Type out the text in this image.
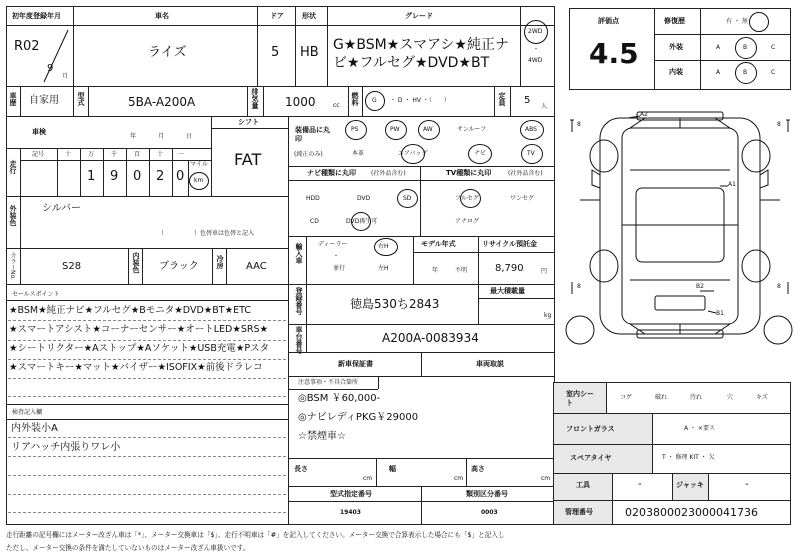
初年度登録年月
R02
9
月
車名
ライズ
ドア
5
形状
HB
グレード
G★BSM★スマアシ★純正ナ
ビ★フルセグ★DVD★BT
2WD
・
4WD
車歴 自家用	型式	5BA-A200A	排気量 1000	cc 燃料 G ・ D ・ HV ・（　　）	定員 5
人
車検
年	月	日
シフト
FAT
走行
記号	十	万	千	百	十 一
1 9 0 2 0
マイル
km
外装色	シルバー
（　　　　　）色替車は色替と記入
カラーNo.	S28	内装色 ブラック 冷房 AAC
セールスポイント
★BSM★純正ナビ★フルセグ★Bモニタ★DVD★BT★ETC
★スマートアシスト★コーナーセンサー★オートLED★SRS★
★シートリクター★Aストップ★Aソケット★USB充電★Pスタ
★スマートキー★マット★バイザー★ISOFIX★前後ドラレコ
検査記入欄
内外装小A
リアハッチ内張りワレ小
装備品に丸印
(純正のみ)
PS	PW	AW	サンルーフ	ABS
本革	エアバッグ	ナビ	TV
ナビ種類に丸印	(社外品含む)
HDD	DVD	SD
CD	DVD再生可
TV種類に丸印	(社外品含む)
フルセグ	ワンセグ
アナログ
輸入車	ディーラー
・
並行
右H
左H
モデル年式
年	不明
リサイクル預託金
8,790	円
登録番号	徳島530ち2843
最大積載量
kg
車台番号	A200A-0083934
新車保証書	車両取説
注意事項・不具合箇所
◎BSM ￥60,000-
◎ナビレディPKG￥29000
☆禁煙車☆
長さ
cm
幅
cm
高さ
cm
型式指定番号
19403
類別区分番号
0003
評価点
4.5
修復歴	有 ・ 無
外装	A	B	C
内装	A	B	C
A2
A1
B2
B1
8	8
8	8
室内シート
コゲ	破れ	汚れ	穴	キズ
フロントガラス	A ・ ×要ス
スペアタイヤ	T ・ 修理 KIT ・ 欠
工具	-	ジャッキ	-
管理番号	0203800023000041736
走行距離の記号欄にはメーター改ざん車は「*」、メーター交換車は「$」、走行不明車は「#」を記入してください。メーター交換で合算表示した場合にも「$」と記入し
ただし、メーター交換の条件を満たしていないものはメーター改ざん車扱いです。
